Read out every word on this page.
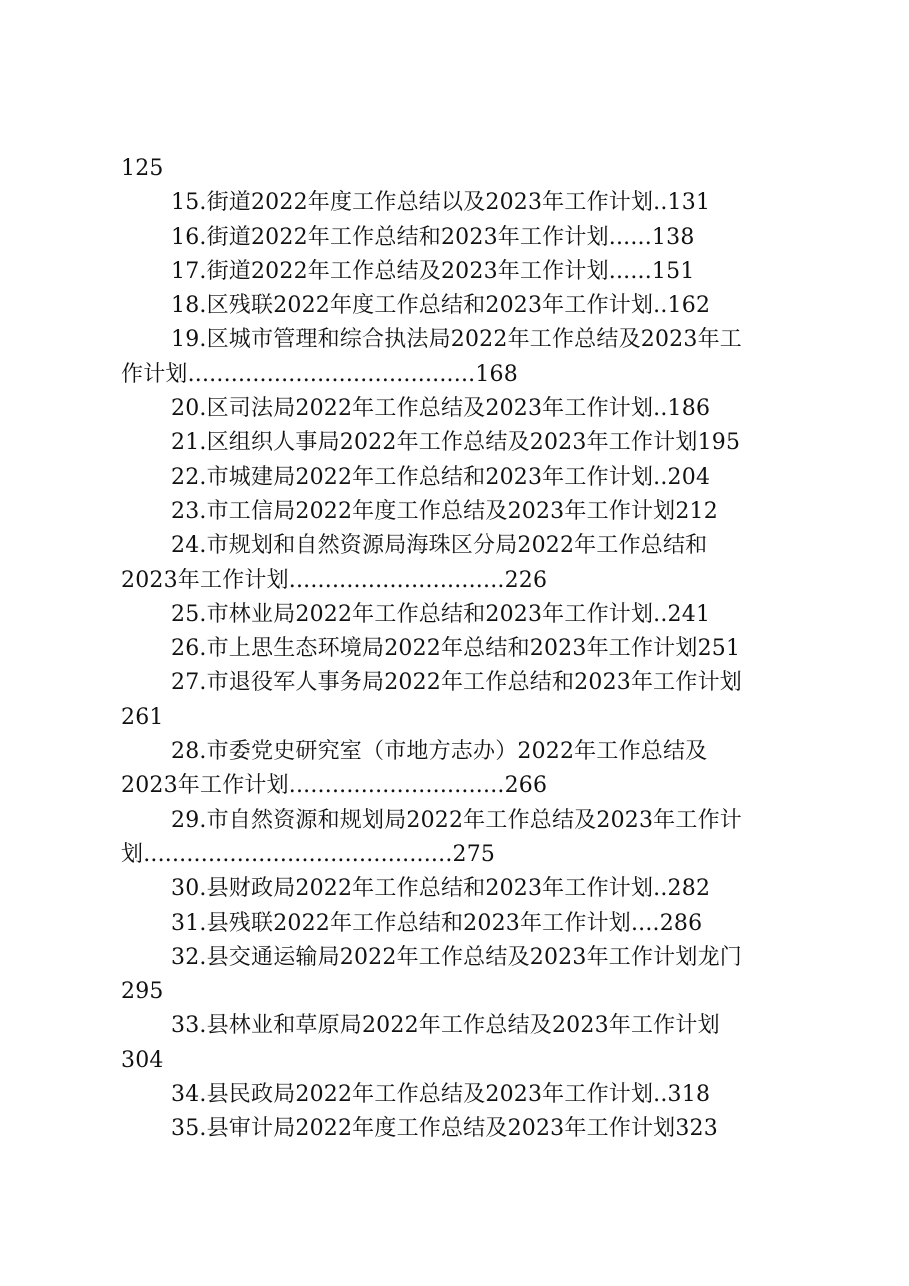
125
15.街道2022年度工作总结以及2023年工作计划..131
16.街道2022年工作总结和2023年工作计划......138
17.街道2022年工作总结及2023年工作计划......151
18.区残联2022年度工作总结和2023年工作计划..162
19.区城市管理和综合执法局2022年工作总结及2023年工
作计划........................................168
20.区司法局2022年工作总结及2023年工作计划..186
21.区组织人事局2022年工作总结及2023年工作计划195
22.市城建局2022年工作总结和2023年工作计划..204
23.市工信局2022年度工作总结及2023年工作计划212
24.市规划和自然资源局海珠区分局2022年工作总结和
2023年工作计划..............................226
25.市林业局2022年工作总结和2023年工作计划..241
26.市上思生态环境局2022年总结和2023年工作计划251
27.市退役军人事务局2022年工作总结和2023年工作计划
261
28.市委党史研究室（市地方志办）2022年工作总结及
2023年工作计划..............................266
29.市自然资源和规划局2022年工作总结及2023年工作计
划...........................................275
30.县财政局2022年工作总结和2023年工作计划..282
31.县残联2022年工作总结和2023年工作计划....286
32.县交通运输局2022年工作总结及2023年工作计划龙门
295
33.县林业和草原局2022年工作总结及2023年工作计划
304
34.县民政局2022年工作总结及2023年工作计划..318
35.县审计局2022年度工作总结及2023年工作计划323
